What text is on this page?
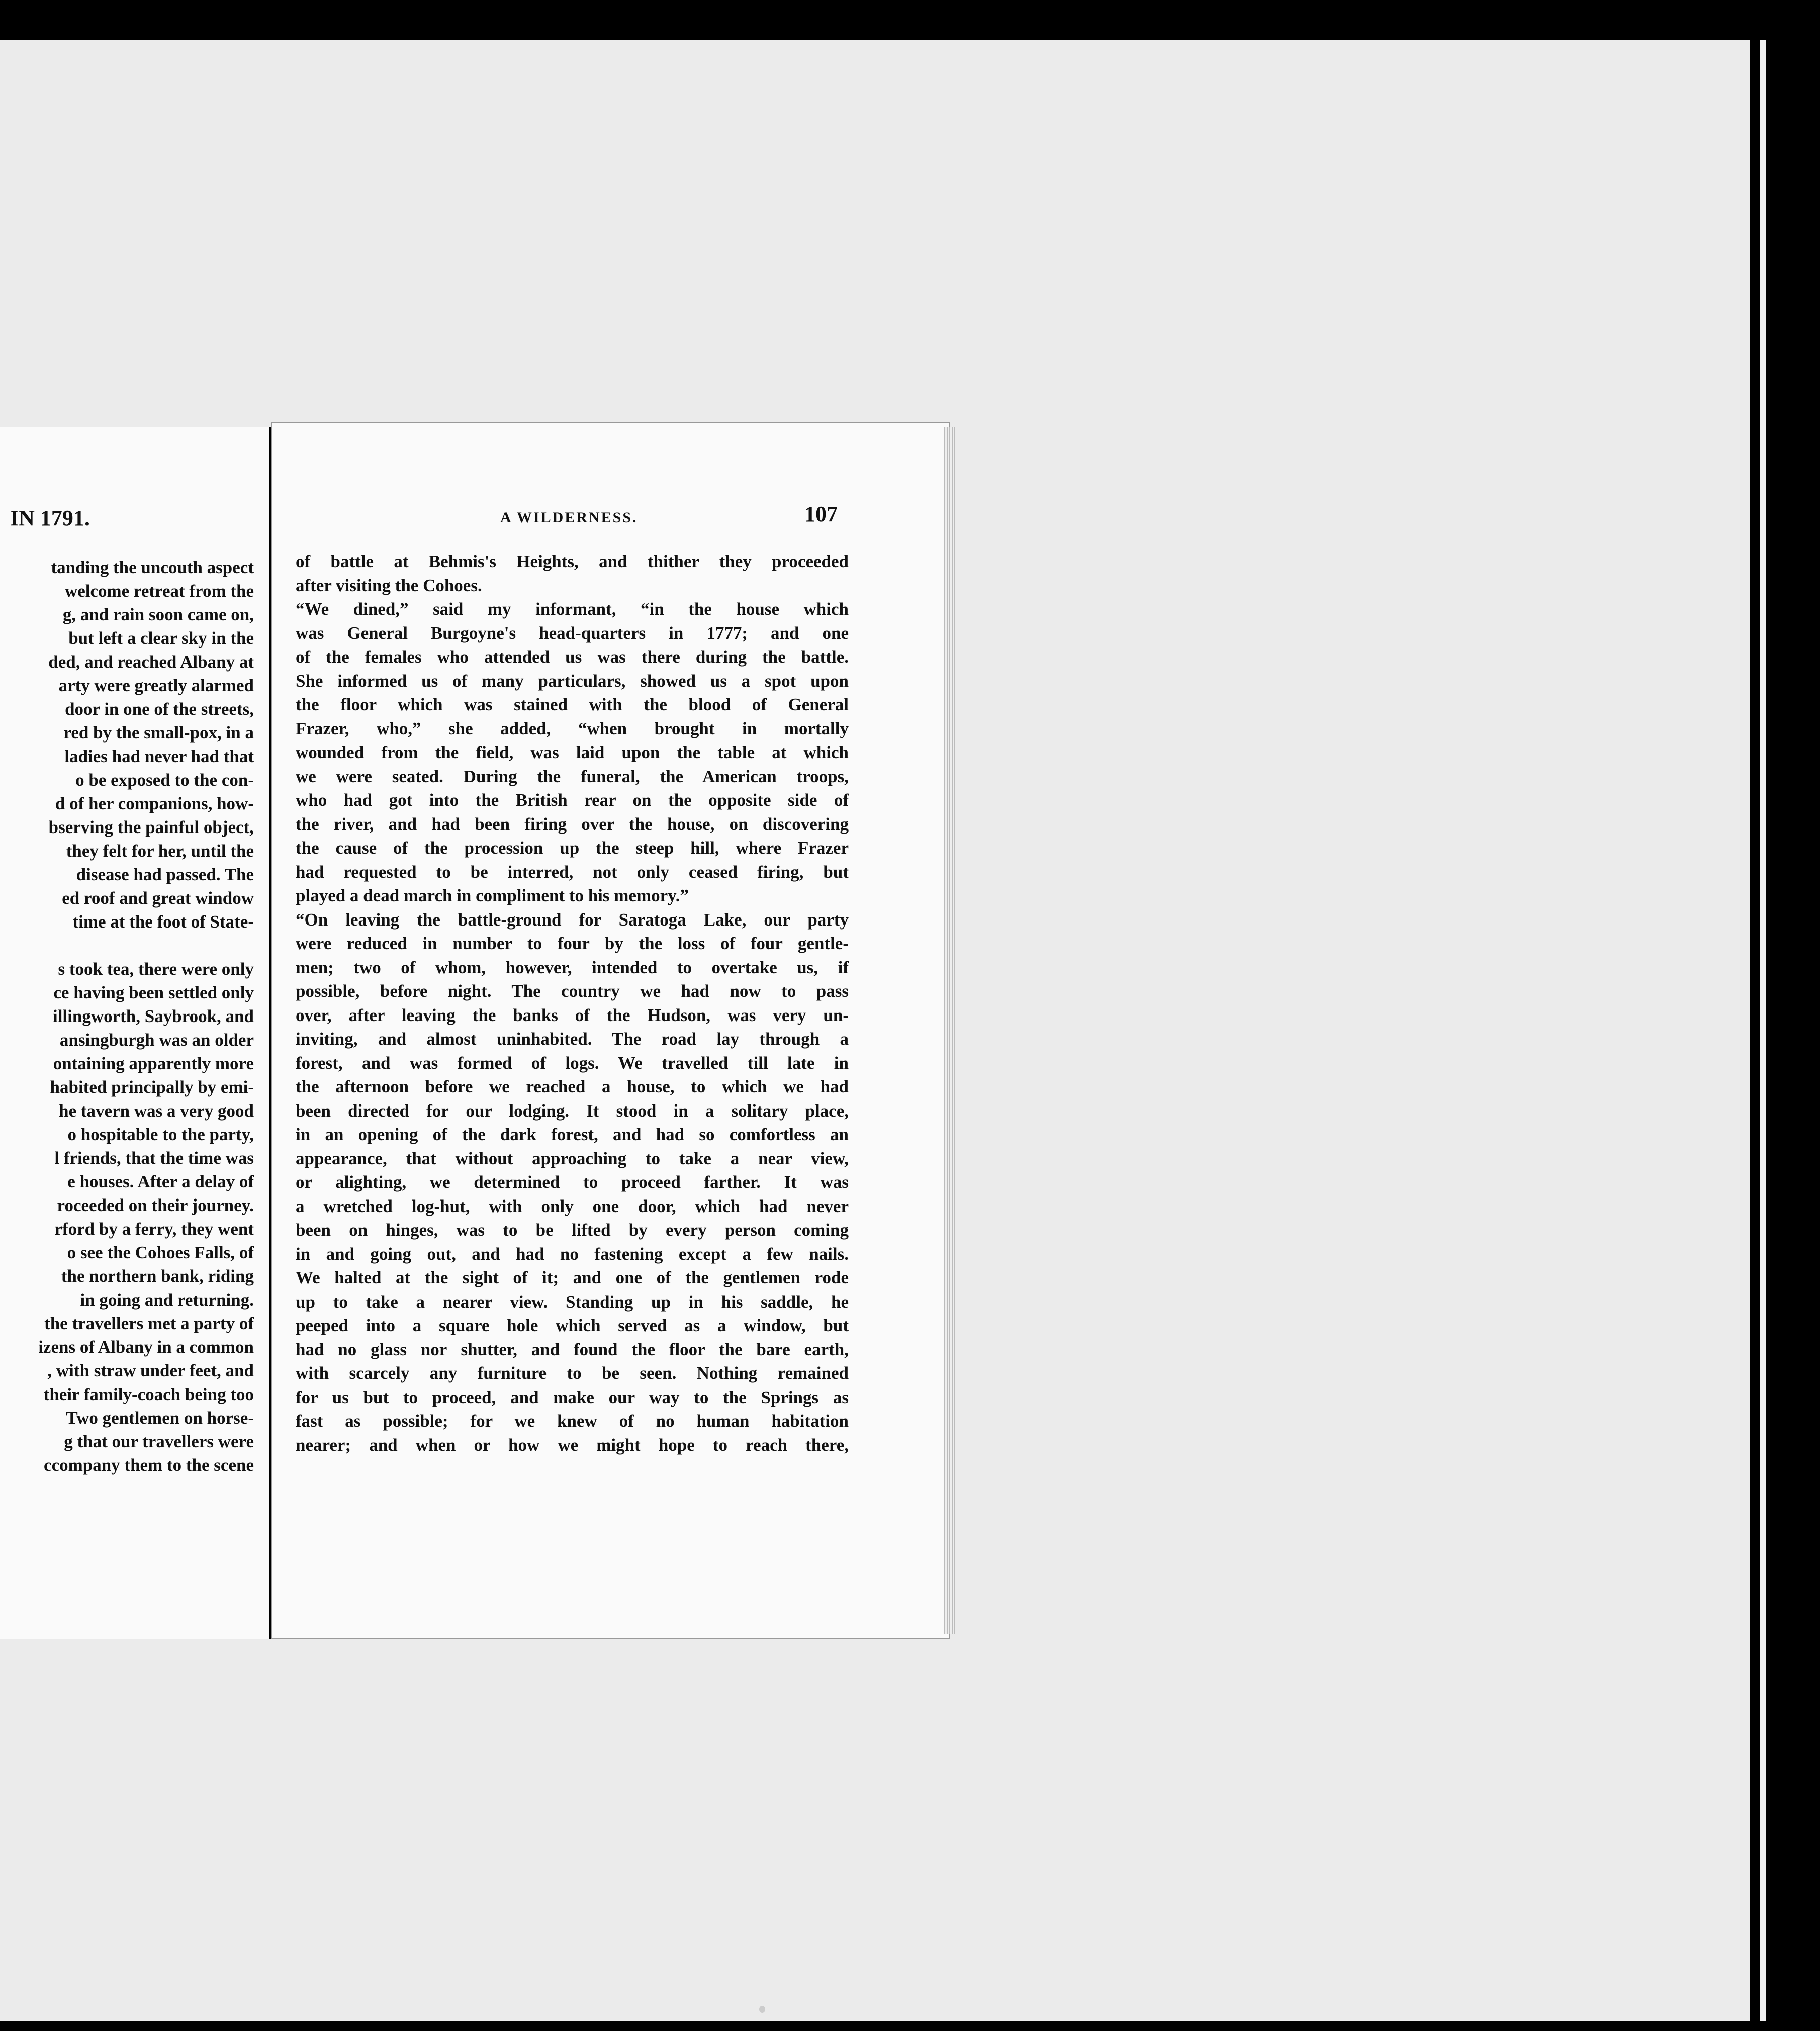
IN 1791.
tanding the uncouth aspect
welcome retreat from the
g, and rain soon came on,
but left a clear sky in the
ded, and reached Albany at
arty were greatly alarmed
door in one of the streets,
red by the small-pox, in a
ladies had never had that
o be exposed to the con-
d of her companions, how-
bserving the painful object,
they felt for her, until the
disease had passed. The
ed roof and great window
time at the foot of State-

s took tea, there were only
ce having been settled only
illingworth, Saybrook, and
ansingburgh was an older
ontaining apparently more
habited principally by emi-
he tavern was a very good
o hospitable to the party,
l friends, that the time was
e houses. After a delay of
roceeded on their journey.
rford by a ferry, they went
o see the Cohoes Falls, of
the northern bank, riding
in going and returning.
the travellers met a party of
izens of Albany in a common
, with straw under feet, and
their family-coach being too
Two gentlemen on horse-
g that our travellers were
ccompany them to the scene
A WILDERNESS.	107
of battle at Behmis's Heights, and thither they proceeded
after visiting the Cohoes.
“We dined,” said my informant, “in the house which
was General Burgoyne's head-quarters in 1777; and one
of the females who attended us was there during the battle.
She informed us of many particulars, showed us a spot upon
the floor which was stained with the blood of General
Frazer, who,” she added, “when brought in mortally
wounded from the field, was laid upon the table at which
we were seated. During the funeral, the American troops,
who had got into the British rear on the opposite side of
the river, and had been firing over the house, on discovering
the cause of the procession up the steep hill, where Frazer
had requested to be interred, not only ceased firing, but
played a dead march in compliment to his memory.”
“On leaving the battle-ground for Saratoga Lake, our party
were reduced in number to four by the loss of four gentle-
men; two of whom, however, intended to overtake us, if
possible, before night. The country we had now to pass
over, after leaving the banks of the Hudson, was very un-
inviting, and almost uninhabited. The road lay through a
forest, and was formed of logs. We travelled till late in
the afternoon before we reached a house, to which we had
been directed for our lodging. It stood in a solitary place,
in an opening of the dark forest, and had so comfortless an
appearance, that without approaching to take a near view,
or alighting, we determined to proceed farther. It was
a wretched log-hut, with only one door, which had never
been on hinges, was to be lifted by every person coming
in and going out, and had no fastening except a few nails.
We halted at the sight of it; and one of the gentlemen rode
up to take a nearer view. Standing up in his saddle, he
peeped into a square hole which served as a window, but
had no glass nor shutter, and found the floor the bare earth,
with scarcely any furniture to be seen. Nothing remained
for us but to proceed, and make our way to the Springs as
fast as possible; for we knew of no human habitation
nearer; and when or how we might hope to reach there,
